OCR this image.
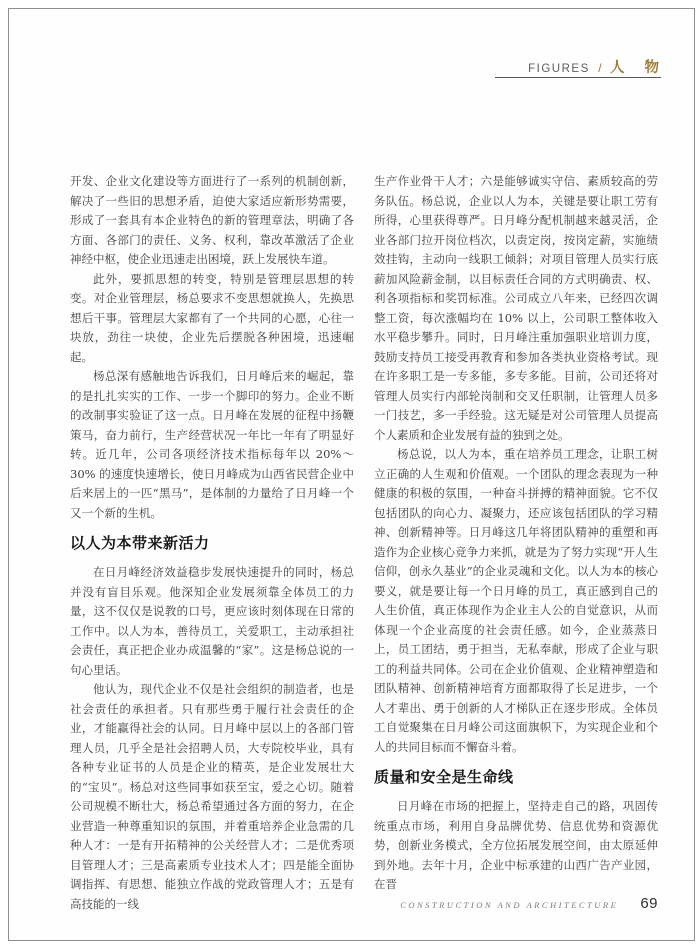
FIGURES / 人 物

开发、企业文化建设等方面进行了一系列的机制创新，解决了一些旧的思想矛盾，迫使大家适应新形势需要，形成了一套具有本企业特色的新的管理章法，明确了各方面、各部门的责任、义务、权利，靠改革激活了企业神经中枢，使企业迅速走出困境，跃上发展快车道。

此外，要抓思想的转变，特别是管理层思想的转变。对企业管理层，杨总要求不变思想就换人，先换思想后干事。管理层大家都有了一个共同的心愿，心往一块放，劲往一块使，企业先后摆脱各种困境，迅速崛起。

杨总深有感触地告诉我们，日月峰后来的崛起，靠的是扎扎实实的工作、一步一个脚印的努力。企业不断的改制事实验证了这一点。日月峰在发展的征程中扬鞭策马，奋力前行，生产经营状况一年比一年有了明显好转。近几年，公司各项经济技术指标每年以 20%～30% 的速度快速增长，使日月峰成为山西省民营企业中后来居上的一匹“黑马”，是体制的力量给了日月峰一个又一个新的生机。

以人为本带来新活力

在日月峰经济效益稳步发展快速提升的同时，杨总并没有盲目乐观。他深知企业发展须靠全体员工的力量，这不仅仅是说教的口号，更应该时刻体现在日常的工作中。以人为本，善待员工，关爱职工，主动承担社会责任，真正把企业办成温馨的“家”。这是杨总说的一句心里话。

他认为，现代企业不仅是社会组织的制造者，也是社会责任的承担者。只有那些勇于履行社会责任的企业，才能赢得社会的认同。日月峰中层以上的各部门管理人员，几乎全是社会招聘人员，大专院校毕业，具有各种专业证书的人员是企业的精英，是企业发展壮大的“宝贝”。杨总对这些同事如获至宝，爱之心切。随着公司规模不断壮大，杨总希望通过各方面的努力，在企业营造一种尊重知识的氛围，并着重培养企业急需的几种人才：一是有开拓精神的公关经营人才；二是优秀项目管理人才；三是高素质专业技术人才；四是能全面协调指挥、有思想、能独立作战的党政管理人才；五是有高技能的一线

生产作业骨干人才；六是能够诚实守信、素质较高的劳务队伍。杨总说，企业以人为本，关键是要让职工劳有所得，心里获得尊严。日月峰分配机制越来越灵活，企业各部门拉开岗位档次，以责定岗，按岗定薪，实施绩效挂钩，主动向一线职工倾斜；对项目管理人员实行底薪加风险薪金制，以目标责任合同的方式明确责、权、利各项指标和奖罚标准。公司成立八年来，已经四次调整工资，每次涨幅均在 10% 以上，公司职工整体收入水平稳步攀升。同时，日月峰注重加强职业培训力度，鼓励支持员工接受再教育和参加各类执业资格考试。现在许多职工是一专多能，多专多能。目前，公司还将对管理人员实行内部轮岗制和交叉任职制，让管理人员多一门技艺，多一手经验。这无疑是对公司管理人员提高个人素质和企业发展有益的独到之处。

杨总说，以人为本，重在培养员工理念，让职工树立正确的人生观和价值观。一个团队的理念表现为一种健康的积极的氛围，一种奋斗拼搏的精神面貌。它不仅包括团队的向心力、凝聚力，还应该包括团队的学习精神、创新精神等。日月峰这几年将团队精神的重塑和再造作为企业核心竞争力来抓，就是为了努力实现“开人生信仰，创永久基业”的企业灵魂和文化。以人为本的核心要义，就是要让每一个日月峰的员工，真正感到自己的人生价值，真正体现作为企业主人公的自觉意识，从而体现一个企业高度的社会责任感。如今，企业蒸蒸日上，员工团结，勇于担当，无私奉献，形成了企业与职工的利益共同体。公司在企业价值观、企业精神塑造和团队精神、创新精神培育方面都取得了长足进步，一个人才辈出、勇于创新的人才梯队正在逐步形成。全体员工自觉聚集在日月峰公司这面旗帜下，为实现企业和个人的共同目标而不懈奋斗着。

质量和安全是生命线

日月峰在市场的把握上，坚持走自己的路，巩固传统重点市场，利用自身品牌优势、信息优势和资源优势，创新业务模式，全方位拓展发展空间，由太原延伸到外地。去年十月，企业中标承建的山西广告产业园，在晋

CONSTRUCTION AND ARCHITECTURE 69
